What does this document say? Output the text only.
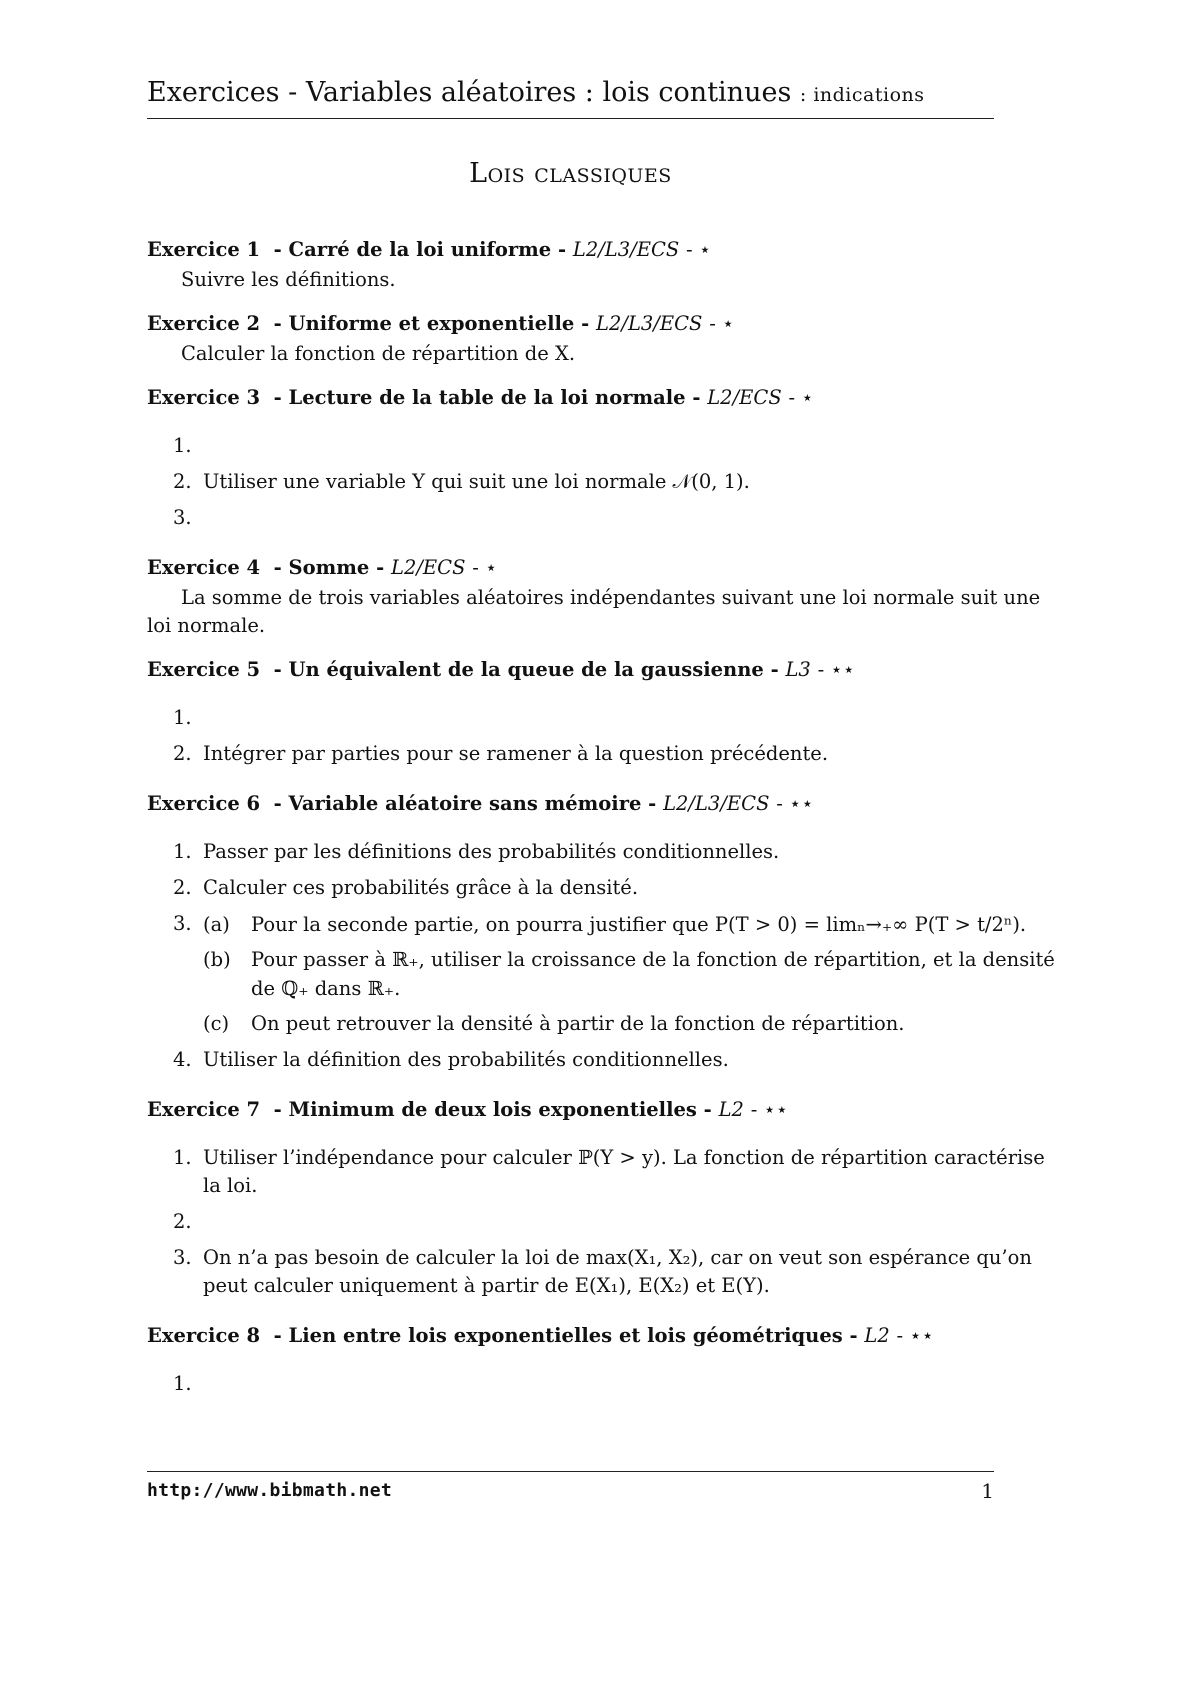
Exercices - Variables aléatoires : lois continues : indications
Lois classiques

Exercice 1 - Carré de la loi uniforme - L2/L3/ECS - ⋆

Suivre les définitions.

Exercice 2 - Uniforme et exponentielle - L2/L3/ECS - ⋆

Calculer la fonction de répartition de X.

Exercice 3 - Lecture de la table de la loi normale - L2/ECS - ⋆

1.

2. Utiliser une variable Y qui suit une loi normale 𝒩(0, 1).
3.

Exercice 4 - Somme - L2/ECS - ⋆

La somme de trois variables aléatoires indépendantes suivant une loi normale suit une loi normale.

Exercice 5 - Un équivalent de la queue de la gaussienne - L3 - ⋆⋆

1.

2. Intégrer par parties pour se ramener à la question précédente.

Exercice 6 - Variable aléatoire sans mémoire - L2/L3/ECS - ⋆⋆

1. Passer par les définitions des probabilités conditionnelles.
2. Calculer ces probabilités grâce à la densité.
3. (a) Pour la seconde partie, on pourra justifier que P(T > 0) = limₙ→₊∞ P(T > t/2ⁿ).
(b) Pour passer à ℝ₊, utiliser la croissance de la fonction de répartition, et la densité de ℚ₊ dans ℝ₊.
(c) On peut retrouver la densité à partir de la fonction de répartition.
4. Utiliser la définition des probabilités conditionnelles.

Exercice 7 - Minimum de deux lois exponentielles - L2 - ⋆⋆

1. Utiliser l’indépendance pour calculer ℙ(Y > y). La fonction de répartition caractérise la loi.
2.

3. On n’a pas besoin de calculer la loi de max(X₁, X₂), car on veut son espérance qu’on peut calculer uniquement à partir de E(X₁), E(X₂) et E(Y).

Exercice 8 - Lien entre lois exponentielles et lois géométriques - L2 - ⋆⋆

1.

http://www.bibmath.net	1
